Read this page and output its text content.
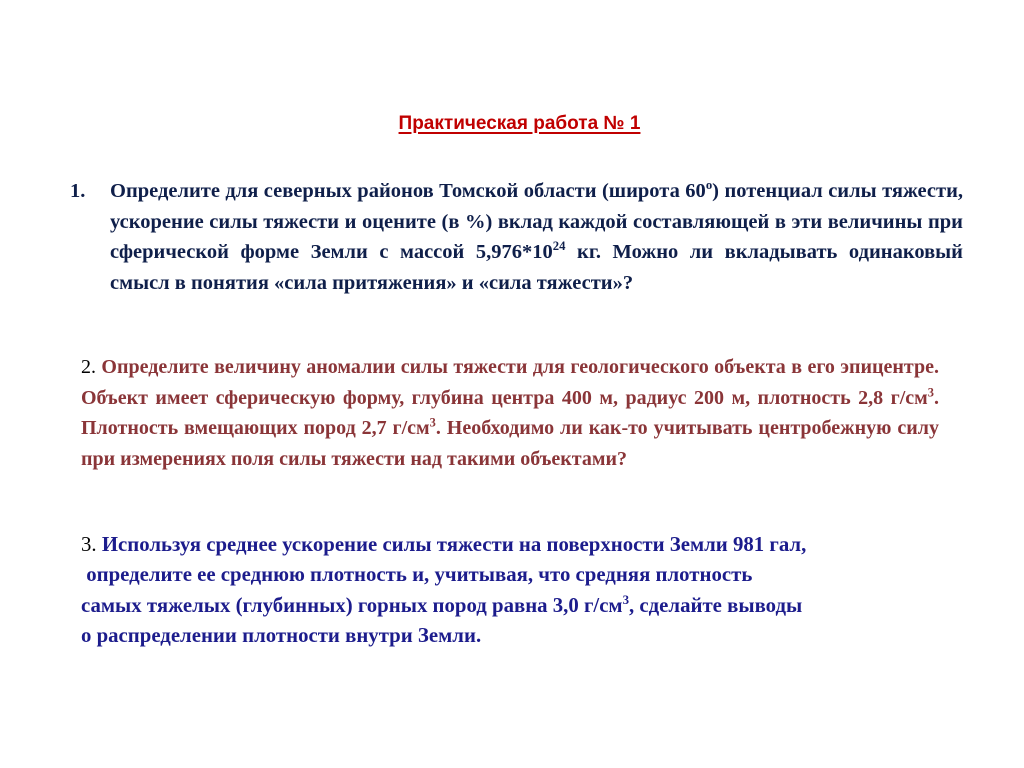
Практическая работа № 1
1.	Определите для северных районов Томской области (широта $60^о$) потенциал силы тяжести, ускорение силы тяжести и оцените (в %) вклад каждой составляющей в эти величины при сферической форме Земли с массой $5,976*10^{24}$ кг. Можно ли вкладывать одинаковый смысл в понятия «сила притяжения» и «сила тяжести»?
2. Определите величину аномалии силы тяжести для геологического объекта в его эпицентре. Объект имеет сферическую форму, глубина центра 400 м, радиус 200 м, плотность 2,8 $г/см^3$. Плотность вмещающих пород 2,7 $г/см^3$. Необходимо ли как-то учитывать центробежную силу при измерениях поля силы тяжести над такими объектами?
3. Используя среднее ускорение силы тяжести на поверхности Земли 981 гал,
определите ее среднюю плотность и, учитывая, что средняя плотность
самых тяжелых (глубинных) горных пород равна 3,0 $г/см^3$, сделайте выводы
о распределении плотности внутри Земли.
